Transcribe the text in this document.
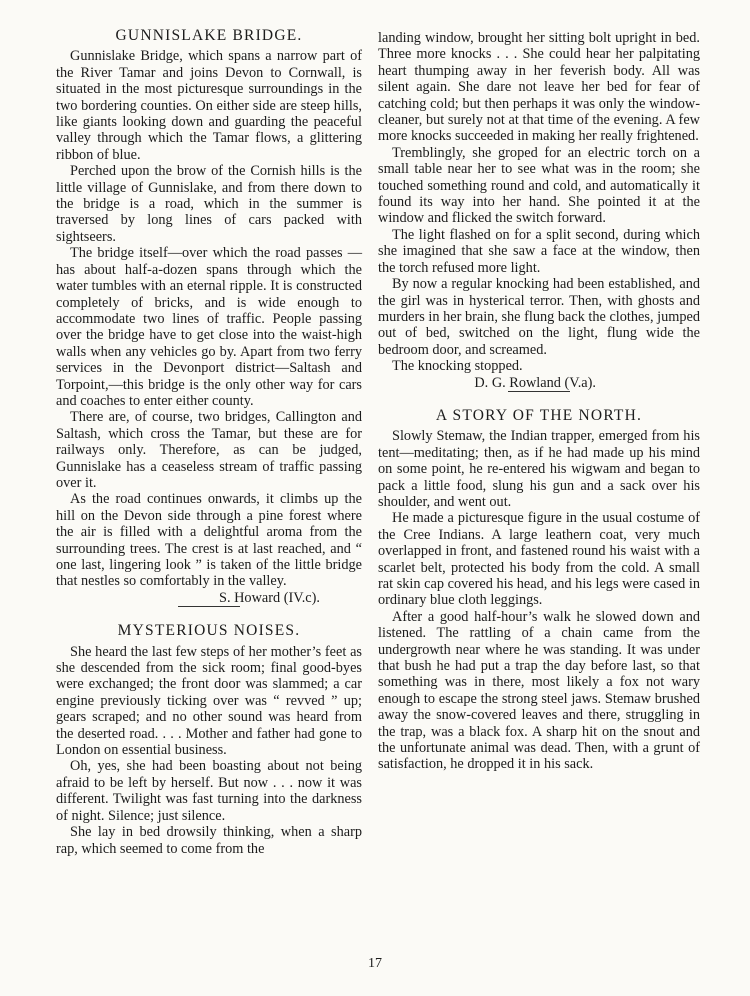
GUNNISLAKE BRIDGE.

Gunnislake Bridge, which spans a narrow part of the River Tamar and joins Devon to Cornwall, is situated in the most picturesque surroundings in the two bordering counties. On either side are steep hills, like giants looking down and guarding the peaceful valley through which the Tamar flows, a glittering ribbon of blue.

Perched upon the brow of the Cornish hills is the little village of Gunnislake, and from there down to the bridge is a road, which in the summer is traversed by long lines of cars packed with sightseers.

The bridge itself—over which the road passes — has about half-a-dozen spans through which the water tumbles with an eternal ripple. It is constructed completely of bricks, and is wide enough to accommodate two lines of traffic. People passing over the bridge have to get close into the waist-high walls when any vehicles go by. Apart from two ferry services in the Devonport district—Saltash and Torpoint,—this bridge is the only other way for cars and coaches to enter either county.

There are, of course, two bridges, Callington and Saltash, which cross the Tamar, but these are for railways only. Therefore, as can be judged, Gunnislake has a ceaseless stream of traffic passing over it.

As the road continues onwards, it climbs up the hill on the Devon side through a pine forest where the air is filled with a delightful aroma from the surrounding trees. The crest is at last reached, and “ one last, lingering look ” is taken of the little bridge that nestles so comfortably in the valley.

S. Howard (IV.c).
MYSTERIOUS NOISES.

She heard the last few steps of her mother’s feet as she descended from the sick room; final good-byes were exchanged; the front door was slammed; a car engine previously ticking over was “ revved ” up; gears scraped; and no other sound was heard from the deserted road. . . . Mother and father had gone to London on essential business.

Oh, yes, she had been boasting about not being afraid to be left by herself. But now . . . now it was different. Twilight was fast turning into the darkness of night. Silence; just silence.

She lay in bed drowsily thinking, when a sharp rap, which seemed to come from the

landing window, brought her sitting bolt upright in bed. Three more knocks . . . She could hear her palpitating heart thumping away in her feverish body. All was silent again. She dare not leave her bed for fear of catching cold; but then perhaps it was only the window-cleaner, but surely not at that time of the evening. A few more knocks succeeded in making her really frightened.

Tremblingly, she groped for an electric torch on a small table near her to see what was in the room; she touched something round and cold, and automatically it found its way into her hand. She pointed it at the window and flicked the switch forward.

The light flashed on for a split second, during which she imagined that she saw a face at the window, then the torch refused more light.

By now a regular knocking had been established, and the girl was in hysterical terror. Then, with ghosts and murders in her brain, she flung back the clothes, jumped out of bed, switched on the light, flung wide the bedroom door, and screamed.

The knocking stopped.

D. G. Rowland (V.a).
A STORY OF THE NORTH.

Slowly Stemaw, the Indian trapper, emerged from his tent—meditating; then, as if he had made up his mind on some point, he re-entered his wigwam and began to pack a little food, slung his gun and a sack over his shoulder, and went out.

He made a picturesque figure in the usual costume of the Cree Indians. A large leathern coat, very much overlapped in front, and fastened round his waist with a scarlet belt, protected his body from the cold. A small rat skin cap covered his head, and his legs were cased in ordinary blue cloth leggings.

After a good half-hour’s walk he slowed down and listened. The rattling of a chain came from the undergrowth near where he was standing. It was under that bush he had put a trap the day before last, so that something was in there, most likely a fox not wary enough to escape the strong steel jaws. Stemaw brushed away the snow-covered leaves and there, struggling in the trap, was a black fox. A sharp hit on the snout and the unfortunate animal was dead. Then, with a grunt of satisfaction, he dropped it in his sack.

17
